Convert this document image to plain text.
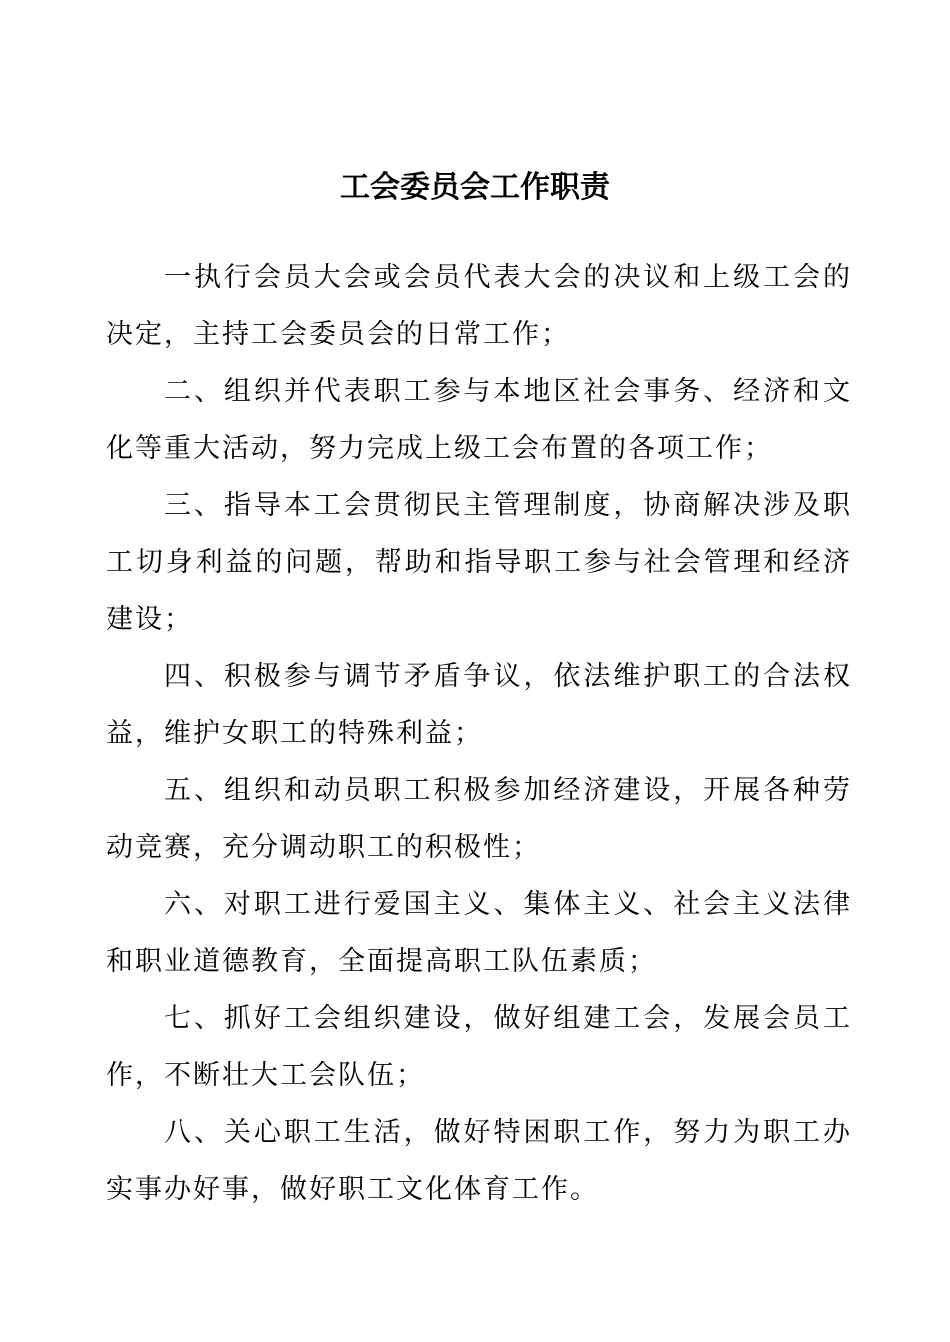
工会委员会工作职责

一执行会员大会或会员代表大会的决议和上级工会的决定，主持工会委员会的日常工作；

二、组织并代表职工参与本地区社会事务、经济和文化等重大活动，努力完成上级工会布置的各项工作；

三、指导本工会贯彻民主管理制度，协商解决涉及职工切身利益的问题，帮助和指导职工参与社会管理和经济建设；

四、积极参与调节矛盾争议，依法维护职工的合法权益，维护女职工的特殊利益；

五、组织和动员职工积极参加经济建设，开展各种劳动竞赛，充分调动职工的积极性；

六、对职工进行爱国主义、集体主义、社会主义法律和职业道德教育，全面提高职工队伍素质；

七、抓好工会组织建设，做好组建工会，发展会员工作，不断壮大工会队伍；

八、关心职工生活，做好特困职工作，努力为职工办实事办好事，做好职工文化体育工作。
